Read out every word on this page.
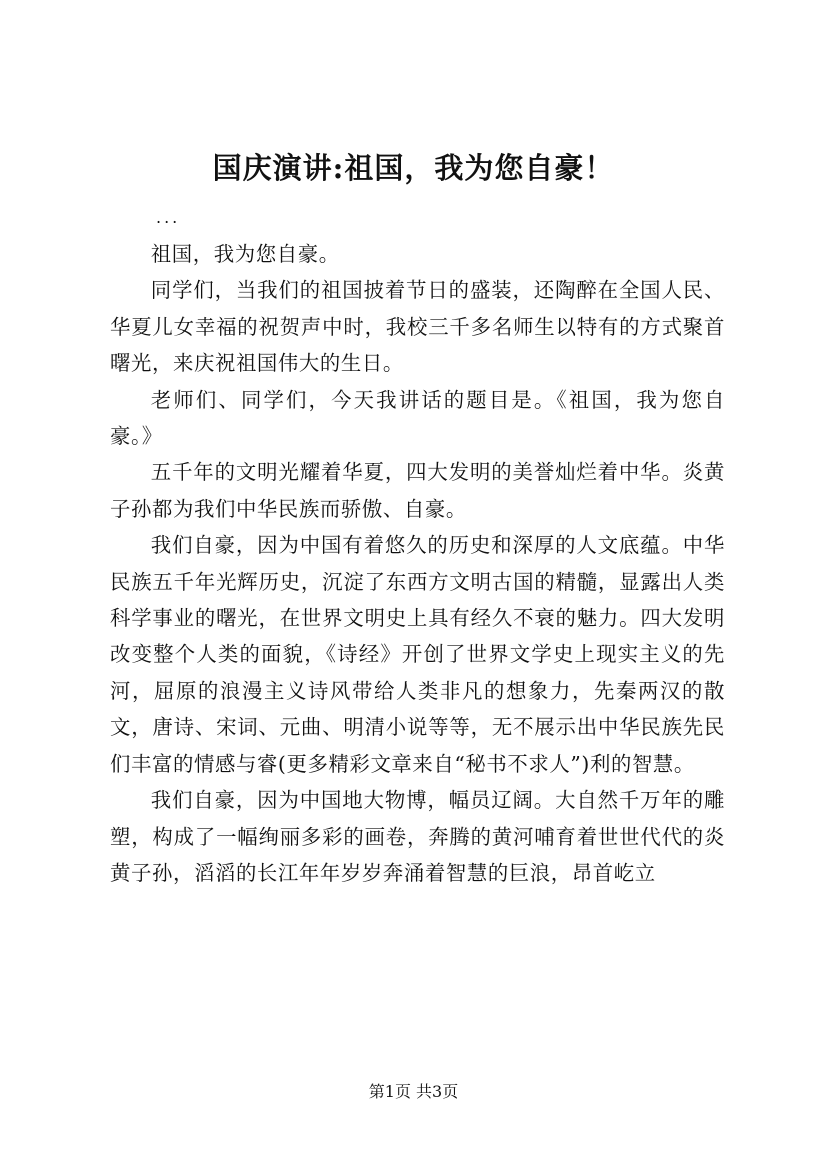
国庆演讲:祖国，我为您自豪！
...

祖国，我为您自豪。

同学们，当我们的祖国披着节日的盛装，还陶醉在全国人民、华夏儿女幸福的祝贺声中时，我校三千多名师生以特有的方式聚首曙光，来庆祝祖国伟大的生日。

老师们、同学们，今天我讲话的题目是。《祖国，我为您自豪。》

五千年的文明光耀着华夏，四大发明的美誉灿烂着中华。炎黄子孙都为我们中华民族而骄傲、自豪。

我们自豪，因为中国有着悠久的历史和深厚的人文底蕴。中华民族五千年光辉历史，沉淀了东西方文明古国的精髓，显露出人类科学事业的曙光，在世界文明史上具有经久不衰的魅力。四大发明改变整个人类的面貌，《诗经》开创了世界文学史上现实主义的先河，屈原的浪漫主义诗风带给人类非凡的想象力，先秦两汉的散文，唐诗、宋词、元曲、明清小说等等，无不展示出中华民族先民们丰富的情感与睿(更多精彩文章来自“秘书不求人”)利的智慧。

我们自豪，因为中国地大物博，幅员辽阔。大自然千万年的雕塑，构成了一幅绚丽多彩的画卷，奔腾的黄河哺育着世世代代的炎黄子孙，滔滔的长江年年岁岁奔涌着智慧的巨浪，昂首屹立

第1页 共3页
